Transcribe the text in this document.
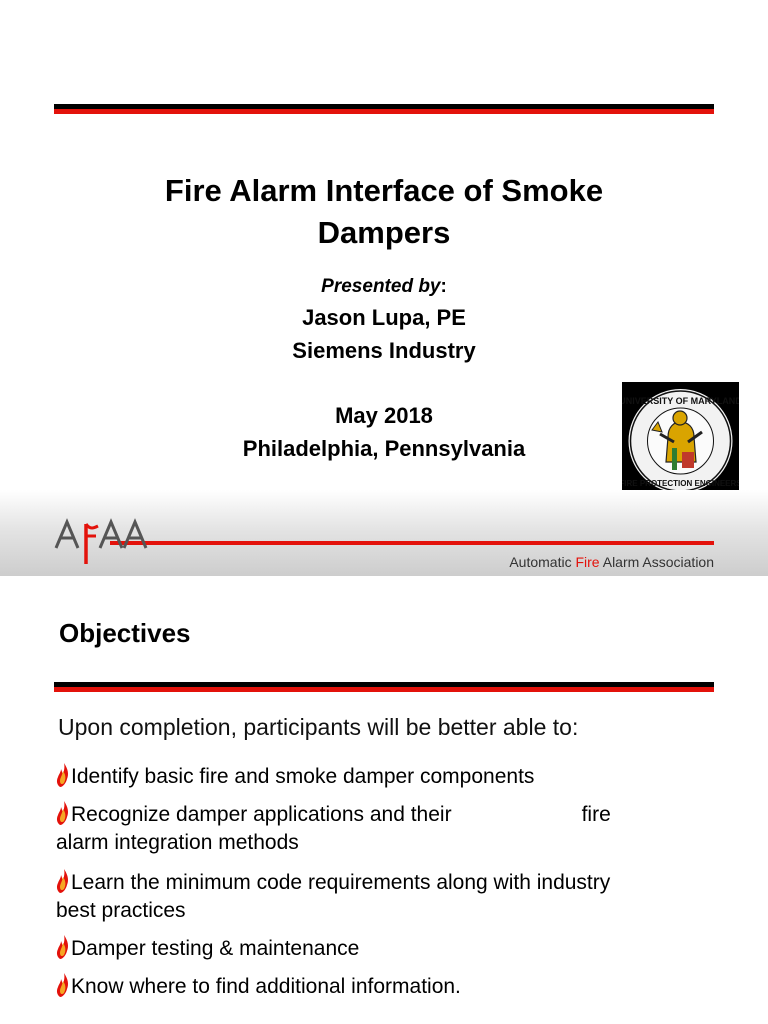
Fire Alarm Interface of Smoke
Dampers
Presented by:
Jason Lupa, PE
Siemens Industry
May 2018
Philadelphia, Pennsylvania
UNIVERSITY OF MARYLAND
FIRE PROTECTION ENGINEERS
Automatic Fire Alarm Association
Objectives
Upon completion, participants will be better able to:
Identify basic fire and smoke damper components
Recognize damper applications and their	fire
alarm integration methods
Learn the minimum code requirements along with industry
best practices
Damper testing & maintenance
Know where to find additional information.
